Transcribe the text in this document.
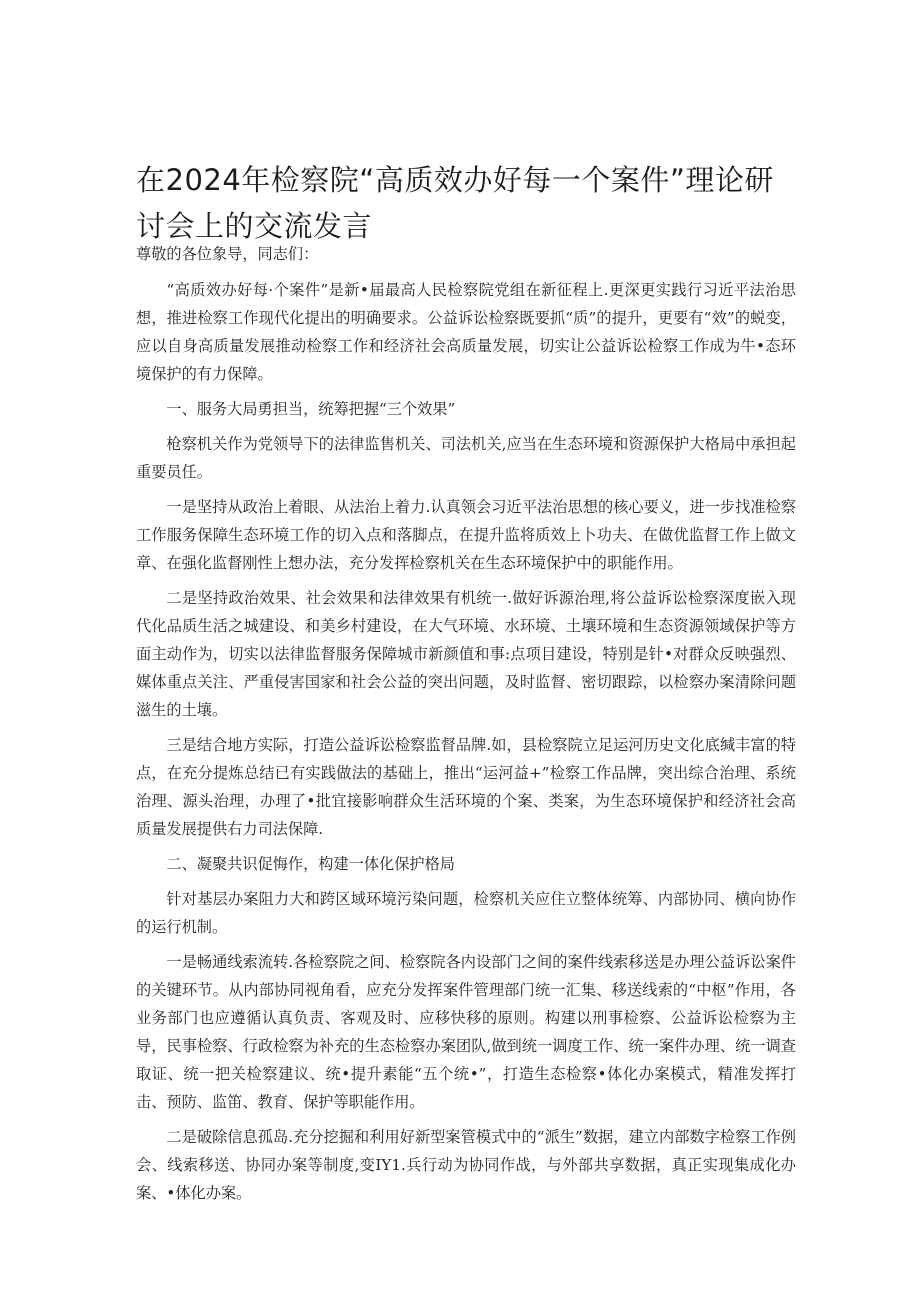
在2024年检察院“高质效办好每一个案件”理论研讨会上的交流发言

尊敬的各位象导，同志们：

“高质效办好每·个案件”是新•届最高人民检察院党组在新征程上.更深更实践行习近平法治思想，推进检察工作现代化提出的明确要求。公益诉讼检察既要抓“质”的提升，更要有“效”的蜕变，应以自身高质量发展推动检察工作和经济社会高质量发展，切实让公益诉讼检察工作成为牛•态环境保护的有力保障。

一、服务大局勇担当，统筹把握“三个效果”

枪察机关作为党领导下的法律监售机关、司法机关,应当在生态环境和资源保护大格局中承担起重要员任。

一是坚持从政治上着眼、从法治上着力.认真领会习近平法治思想的核心要义，进一步找准检察工作服务保障生态环境工作的切入点和落脚点，在提升监将质效上卜功夫、在做优监督工作上做文章、在强化监督刚性上想办法，充分发挥检察机关在生态环境保护中的职能作用。

二是坚持政治效果、社会效果和法律效果有机统一.做好诉源治理,将公益诉讼检察深度嵌入现代化品质生活之城建设、和美乡村建设，在大气环境、水环境、土壤环境和生态资源领域保护等方面主动作为，切实以法律监督服务保障城市新颜值和事:点项目建设，特别是针•对群众反映强烈、媒体重点关注、严重侵害国家和社会公益的突出问题，及时监督、密切跟踪，以检察办案清除问题滋生的土壤。

三是结合地方实际，打造公益诉讼检察监督品牌.如，县检察院立足运河历史文化底缄丰富的特点，在充分提炼总结已有实践做法的基础上，推出“运河益+”检察工作品牌，突出综合治理、系统治理、源头治理，办理了•批宜接影响群众生活环境的个案、类案，为生态环境保护和经济社会高质量发展提供右力司法保障.

二、凝聚共识促悔作，构建一体化保护格局

针对基层办案阻力大和跨区域环境污染问题，检察机关应住立整体统筹、内部协同、横向协作的运行机制。

一是畅通线索流转.各检察院之间、检察院各内设部门之间的案件线索移送是办理公益诉讼案件的关键环节。从内部协同视角看，应充分发挥案件管理部门统一汇集、移送线索的“中枢”作用，各业务部门也应遵循认真负责、客观及时、应移快移的原则。构建以刑事检察、公益诉讼检察为主导，民事检察、行政检察为补充的生态检察办案团队,做到统一调度工作、统一案件办理、统一调查取证、统一把关检察建议、统•提升素能“五个统•”，打造生态检察•体化办案模式，精准发挥打击、预防、监笛、教育、保护等职能作用。

二是破除信息孤岛.充分挖掘和利用好新型案管模式中的“派生”数据，建立内部数字检察工作例会、线索移送、协同办案等制度,变IY1.兵行动为协同作战，与外部共享数据，真正实现集成化办案、•体化办案。
